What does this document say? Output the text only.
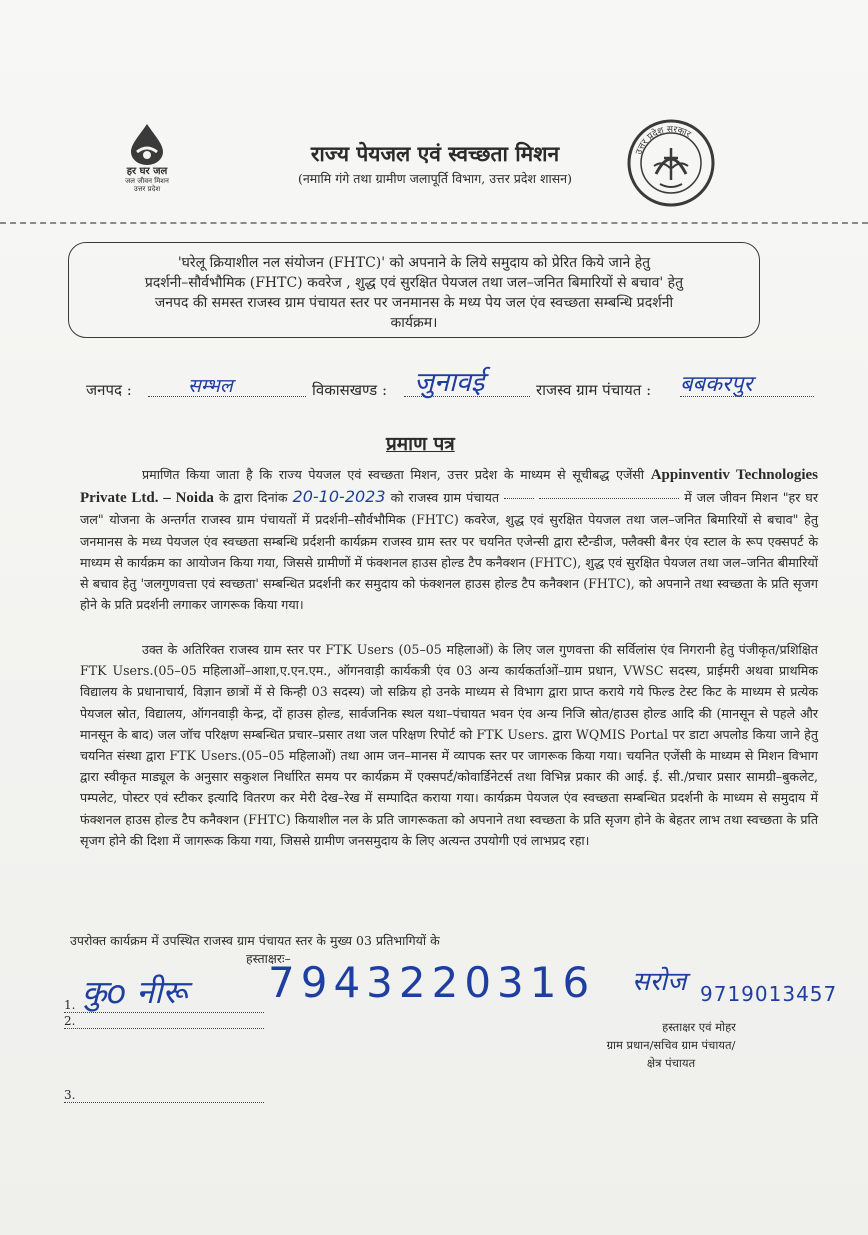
हर घर जल
जल जीवन मिशन
उत्तर प्रदेश
राज्य पेयजल एवं स्वच्छता मिशन
(नमामि गंगे तथा ग्रामीण जलापूर्ति विभाग, उत्तर प्रदेश शासन)
उत्तर प्रदेश सरकार
'घरेलू क्रियाशील नल संयोजन (FHTC)' को अपनाने के लिये समुदाय को प्रेरित किये जाने हेतु
प्रदर्शनी–सौर्वभौमिक (FHTC) कवरेज , शुद्ध एवं सुरक्षित पेयजल तथा जल–जनित बिमारियों से बचाव' हेतु
जनपद की समस्त राजस्व ग्राम पंचायत स्तर पर जनमानस के मध्य पेय जल एंव स्वच्छता सम्बन्धि प्रदर्शनी
कार्यक्रम।
जनपद :	सम्भल	विकासखण्ड : जुनावई	राजस्व ग्राम पंचायत : बबकरपुर
प्रमाण पत्र
प्रमाणित किया जाता है कि राज्य पेयजल एवं स्वच्छता मिशन, उत्तर प्रदेश के माध्यम से सूचीबद्ध एजेंसी Appinventiv Technologies Private Ltd. – Noida के द्वारा दिनांक 20-10-2023 को राजस्व ग्राम पंचायत	में जल जीवन मिशन "हर घर जल" योजना के अन्तर्गत राजस्व ग्राम पंचायतों में प्रदर्शनी–सौर्वभौमिक (FHTC) कवरेज, शुद्ध एवं सुरक्षित पेयजल तथा जल–जनित बिमारियों से बचाव" हेतु जनमानस के मध्य पेयजल एंव स्वच्छता सम्बन्धि प्रर्दशनी कार्यक्रम राजस्व ग्राम स्तर पर चयनित एजेन्सी द्वारा स्टैन्डीज, फ्लैक्सी बैनर एंव स्टाल के रूप एक्सपर्ट के माध्यम से कार्यक्रम का आयोजन किया गया, जिससे ग्रामीणों में फंक्शनल हाउस होल्ड टैप कनैक्शन (FHTC), शुद्ध एवं सुरक्षित पेयजल तथा जल–जनित बीमारियों से बचाव हेतु 'जलगुणवत्ता एवं स्वच्छता' सम्बन्धित प्रदर्शनी कर समुदाय को फंक्शनल हाउस होल्ड टैप कनैक्शन (FHTC), को अपनाने तथा स्वच्छता के प्रति सृजग होने के प्रति प्रदर्शनी लगाकर जागरूक किया गया।
उक्त के अतिरिक्त राजस्व ग्राम स्तर पर FTK Users (05–05 महिलाओं) के लिए जल गुणवत्ता की सर्विलांस एंव निगरानी हेतु पंजीकृत/प्रशिक्षित FTK Users.(05–05 महिलाओं–आशा,ए.एन.एम., ऑगनवाड़ी कार्यकत्री एंव 03 अन्य कार्यकर्ताओं–ग्राम प्रधान, VWSC सदस्य, प्राईमरी अथवा प्राथमिक विद्यालय के प्रधानाचार्य, विज्ञान छात्रों में से किन्ही 03 सदस्य) जो सक्रिय हो उनके माध्यम से विभाग द्वारा प्राप्त कराये गये फिल्ड टेस्ट किट के माध्यम से प्रत्येक पेयजल स्रोत, विद्यालय, ऑगनवाड़ी केन्द्र, दों हाउस होल्ड, सार्वजनिक स्थल यथा–पंचायत भवन एंव अन्य निजि स्रोत/हाउस होल्ड आदि की (मानसून से पहले और मानसून के बाद) जल जॉच परिक्षण सम्बन्धित प्रचार–प्रसार तथा जल परिक्षण रिपोर्ट को FTK Users. द्वारा WQMIS Portal पर डाटा अपलोड किया जाने हेतु चयनित संस्था द्वारा FTK Users.(05–05 महिलाओं) तथा आम जन–मानस में व्यापक स्तर पर जागरूक किया गया। चयनित एजेंसी के माध्यम से मिशन विभाग द्वारा स्वीकृत माड्यूल के अनुसार सकुशल निर्धारित समय पर कार्यक्रम में एक्सपर्ट/कोवार्डिनेटर्स तथा विभिन्न प्रकार की आई. ई. सी./प्रचार प्रसार सामग्री–बुकलेट, पम्पलेट, पोस्टर एवं स्टीकर इत्यादि वितरण कर मेरी देख–रेख में सम्पादित कराया गया। कार्यक्रम पेयजल एंव स्वच्छता सम्बन्धित प्रदर्शनी के माध्यम से समुदाय में फंक्शनल हाउस होल्ड टैप कनैक्शन (FHTC) कियाशील नल के प्रति जागरूकता को अपनाने तथा स्वच्छता के प्रति सृजग होने के बेहतर लाभ तथा स्वच्छता के प्रति सृजग होने की दिशा में जागरूक किया गया, जिससे ग्रामीण जनसमुदाय के लिए अत्यन्त उपयोगी एवं लाभप्रद रहा।
उपरोक्त कार्यक्रम में उपस्थित राजस्व ग्राम पंचायत स्तर के मुख्य 03 प्रतिभागियों के
हस्ताक्षरः–
1. कुo नीरू 7943220316 सरोज 9719013457
2.
3.
हस्ताक्षर एवं मोहर
ग्राम प्रधान/सचिव ग्राम पंचायत/
क्षेत्र पंचायत
